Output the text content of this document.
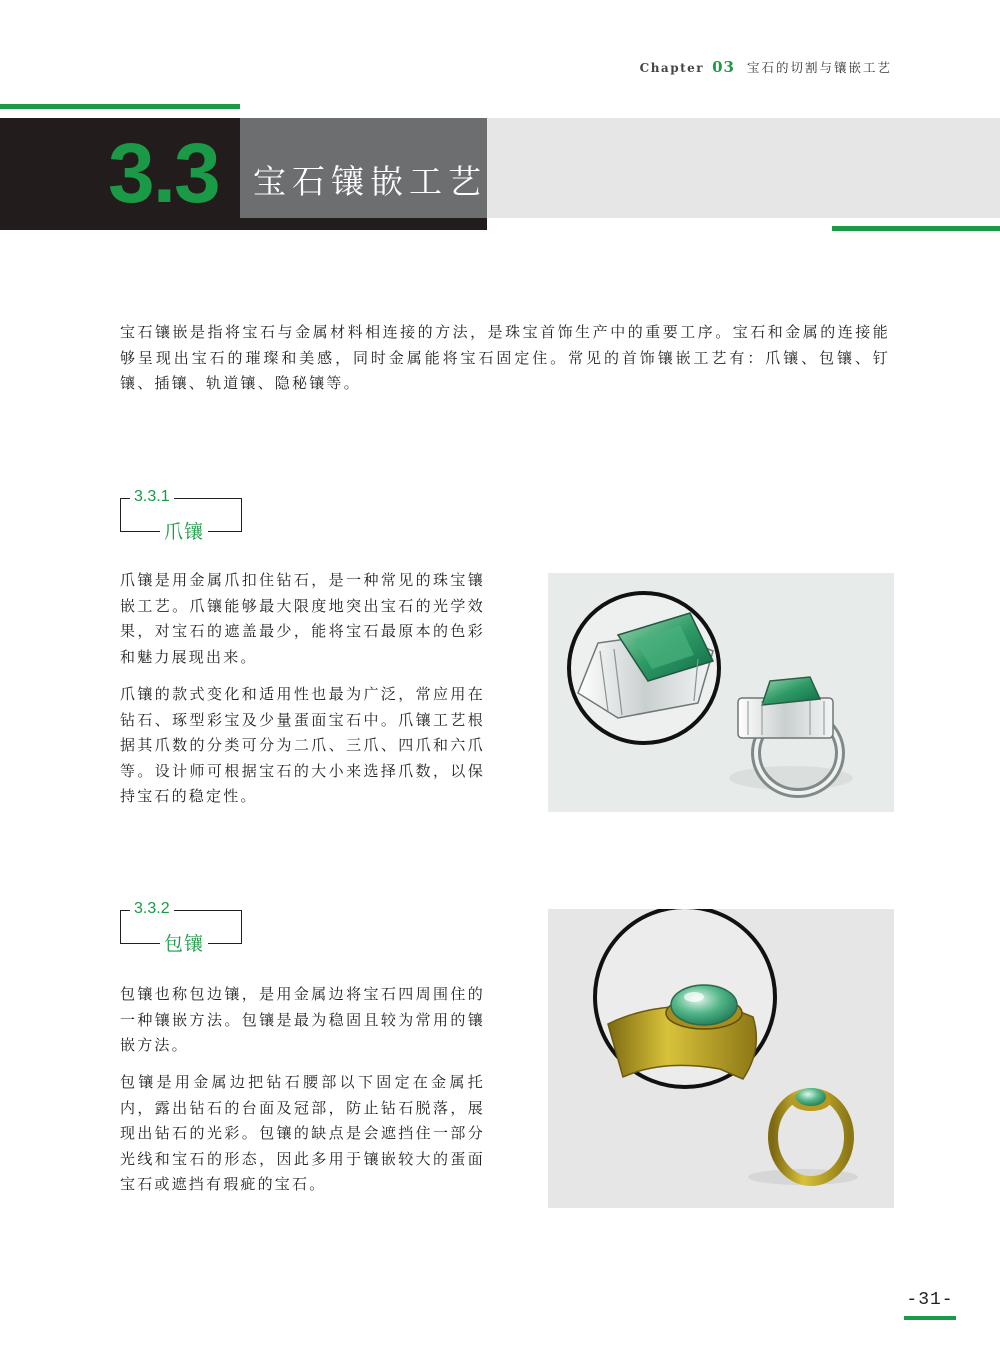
Chapter 03 宝石的切割与镶嵌工艺
3.3 宝石镶嵌工艺

宝石镶嵌是指将宝石与金属材料相连接的方法，是珠宝首饰生产中的重要工序。宝石和金属的连接能够呈现出宝石的璀璨和美感，同时金属能将宝石固定住。常见的首饰镶嵌工艺有：爪镶、包镶、钉镶、插镶、轨道镶、隐秘镶等。

3.3.1
爪镶

爪镶是用金属爪扣住钻石，是一种常见的珠宝镶嵌工艺。爪镶能够最大限度地突出宝石的光学效果，对宝石的遮盖最少，能将宝石最原本的色彩和魅力展现出来。

爪镶的款式变化和适用性也最为广泛，常应用在钻石、琢型彩宝及少量蛋面宝石中。爪镶工艺根据其爪数的分类可分为二爪、三爪、四爪和六爪等。设计师可根据宝石的大小来选择爪数，以保持宝石的稳定性。

3.3.2
包镶

包镶也称包边镶，是用金属边将宝石四周围住的一种镶嵌方法。包镶是最为稳固且较为常用的镶嵌方法。

包镶是用金属边把钻石腰部以下固定在金属托内，露出钻石的台面及冠部，防止钻石脱落，展现出钻石的光彩。包镶的缺点是会遮挡住一部分光线和宝石的形态，因此多用于镶嵌较大的蛋面宝石或遮挡有瑕疵的宝石。

-31-
